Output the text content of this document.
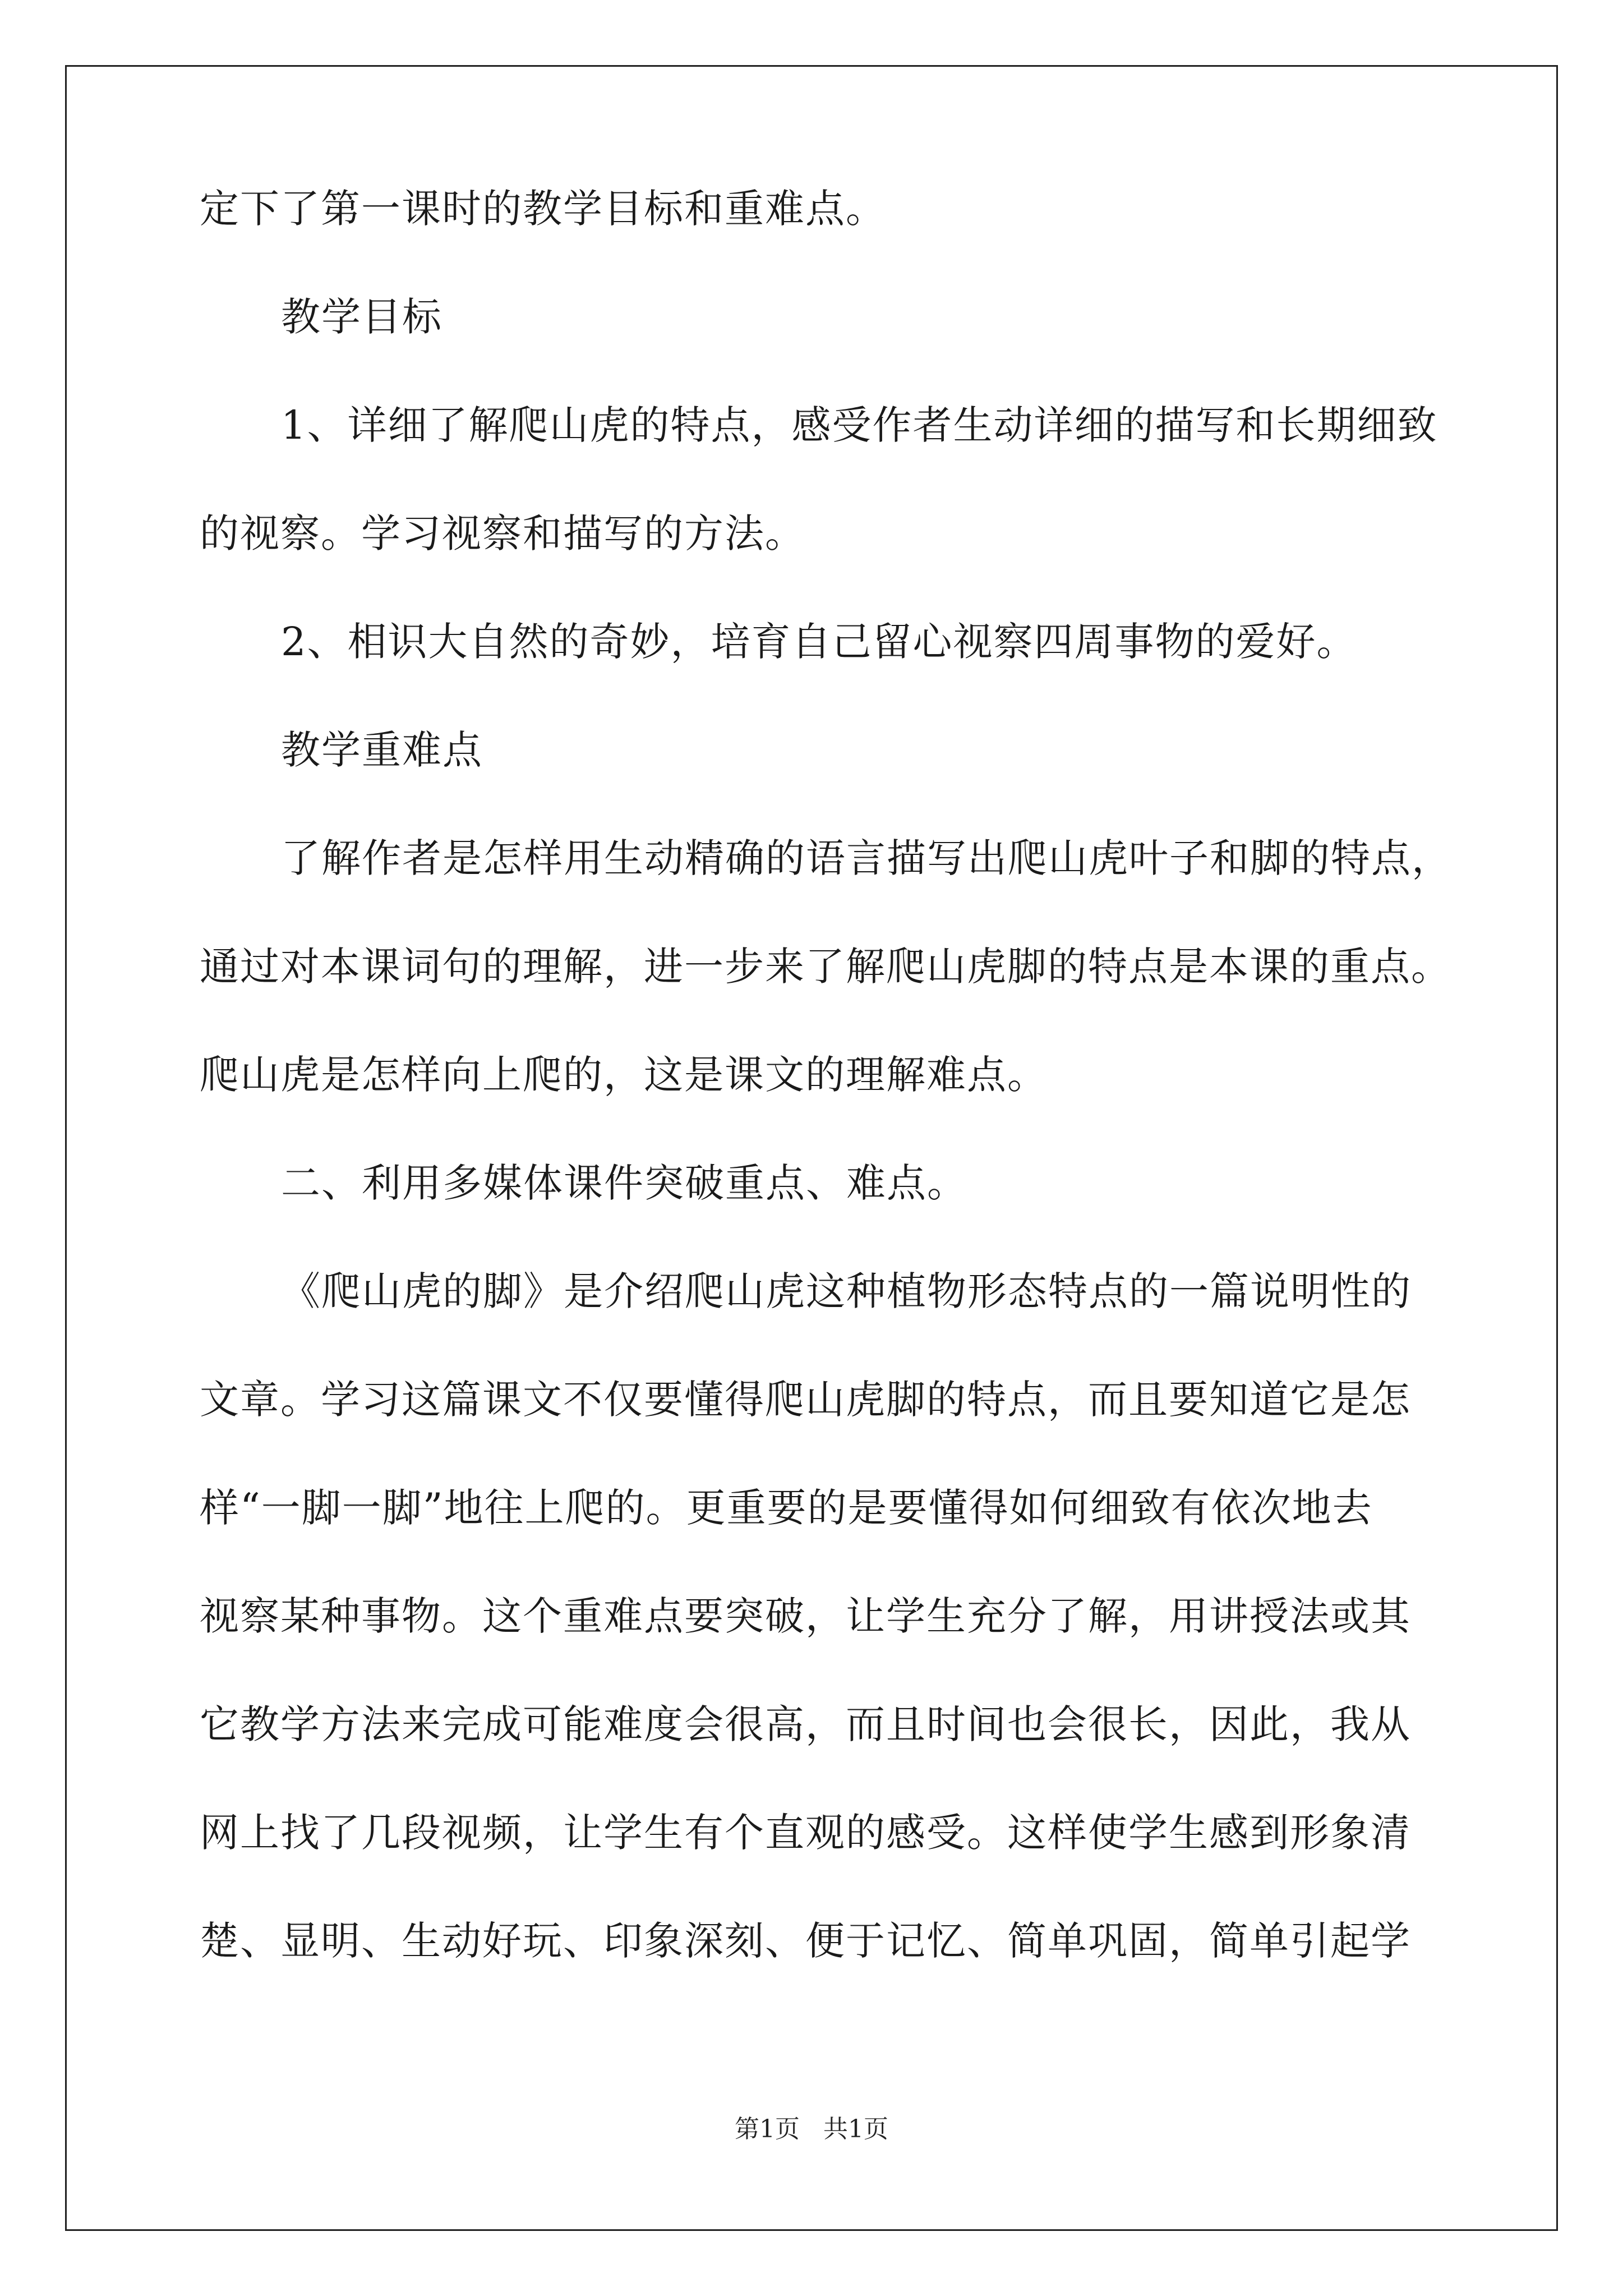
定下了第一课时的教学目标和重难点。
教学目标
1、详细了解爬山虎的特点，感受作者生动详细的描写和长期细致
的视察。学习视察和描写的方法。
2、相识大自然的奇妙，培育自己留心视察四周事物的爱好。
教学重难点
了解作者是怎样用生动精确的语言描写出爬山虎叶子和脚的特点，
通过对本课词句的理解，进一步来了解爬山虎脚的特点是本课的重点。
爬山虎是怎样向上爬的，这是课文的理解难点。
二、利用多媒体课件突破重点、难点。
《爬山虎的脚》是介绍爬山虎这种植物形态特点的一篇说明性的
文章。学习这篇课文不仅要懂得爬山虎脚的特点，而且要知道它是怎
样“一脚一脚”地往上爬的。更重要的是要懂得如何细致有依次地去
视察某种事物。这个重难点要突破，让学生充分了解，用讲授法或其
它教学方法来完成可能难度会很高，而且时间也会很长，因此，我从
网上找了几段视频，让学生有个直观的感受。这样使学生感到形象清
楚、显明、生动好玩、印象深刻、便于记忆、简单巩固，简单引起学
第1页 共1页
